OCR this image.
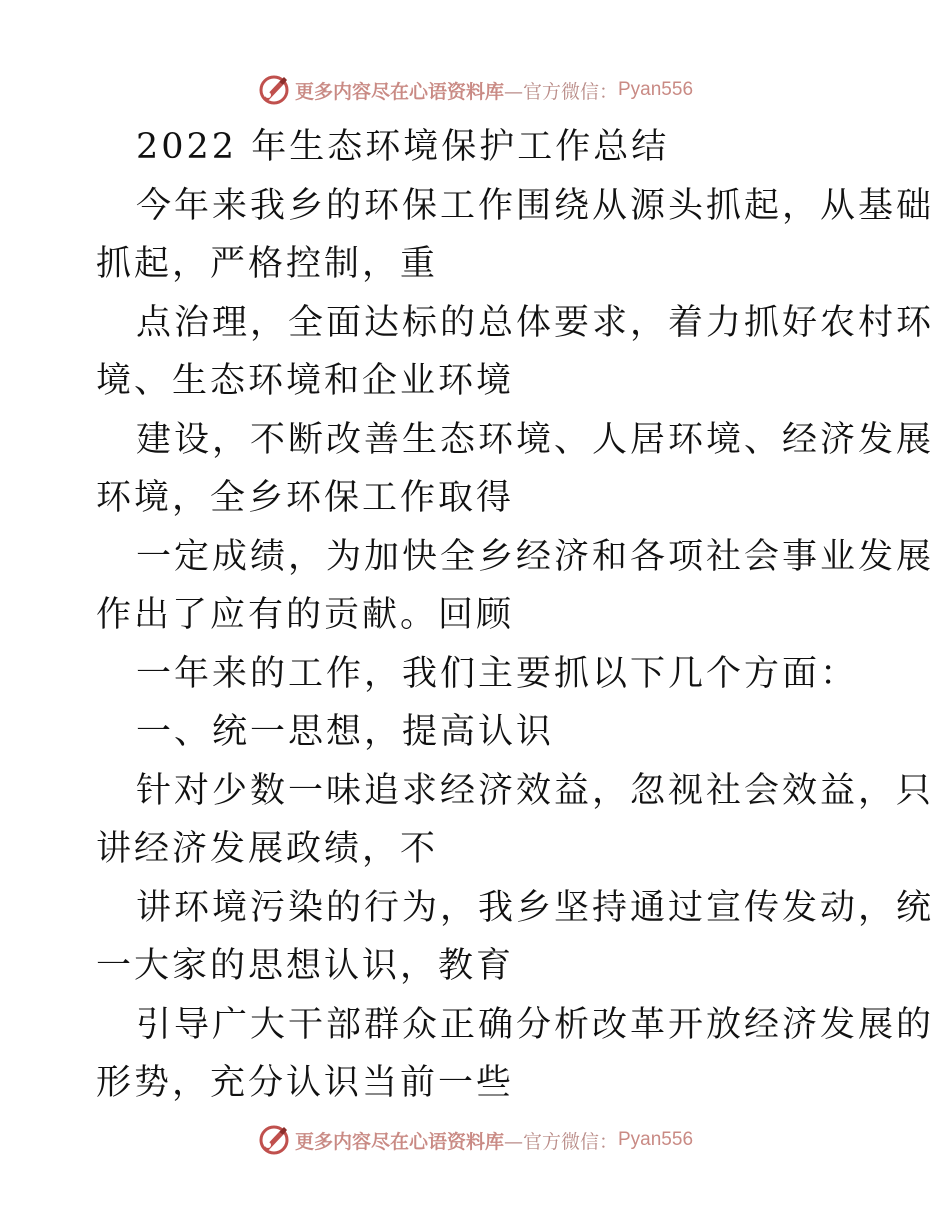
更多内容尽在心语资料库 —官方微信： Pyan556
2022 年生态环境保护工作总结
今年来我乡的环保工作围绕从源头抓起，从基础
抓起，严格控制，重
点治理，全面达标的总体要求，着力抓好农村环
境、生态环境和企业环境
建设，不断改善生态环境、人居环境、经济发展
环境，全乡环保工作取得
一定成绩，为加快全乡经济和各项社会事业发展
作出了应有的贡献。回顾
一年来的工作，我们主要抓以下几个方面：
一、统一思想，提高认识
针对少数一味追求经济效益，忽视社会效益，只
讲经济发展政绩，不
讲环境污染的行为，我乡坚持通过宣传发动，统
一大家的思想认识，教育
引导广大干部群众正确分析改革开放经济发展的
形势，充分认识当前一些
更多内容尽在心语资料库 —官方微信： Pyan556
